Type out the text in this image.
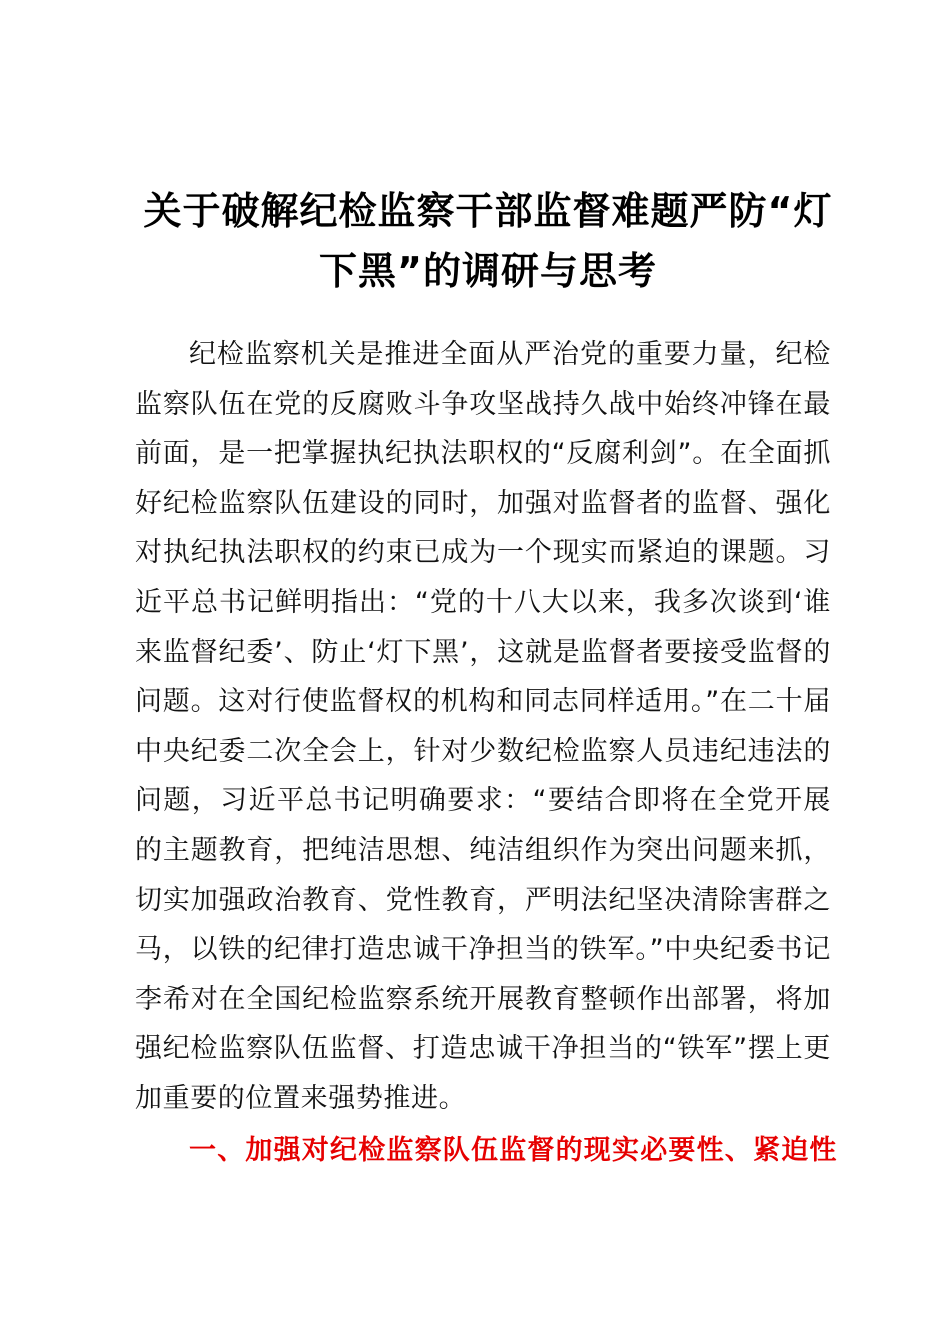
关于破解纪检监察干部监督难题严防“灯下黑”的调研与思考

纪检监察机关是推进全面从严治党的重要力量，纪检监察队伍在党的反腐败斗争攻坚战持久战中始终冲锋在最前面，是一把掌握执纪执法职权的“反腐利剑”。在全面抓好纪检监察队伍建设的同时，加强对监督者的监督、强化对执纪执法职权的约束已成为一个现实而紧迫的课题。习近平总书记鲜明指出：“党的十八大以来，我多次谈到‘谁来监督纪委’、防止‘灯下黑’，这就是监督者要接受监督的问题。这对行使监督权的机构和同志同样适用。”在二十届中央纪委二次全会上，针对少数纪检监察人员违纪违法的问题，习近平总书记明确要求：“要结合即将在全党开展的主题教育，把纯洁思想、纯洁组织作为突出问题来抓，切实加强政治教育、党性教育，严明法纪坚决清除害群之马，以铁的纪律打造忠诚干净担当的铁军。”中央纪委书记李希对在全国纪检监察系统开展教育整顿作出部署，将加强纪检监察队伍监督、打造忠诚干净担当的“铁军”摆上更加重要的位置来强势推进。

一、加强对纪检监察队伍监督的现实必要性、紧迫性
